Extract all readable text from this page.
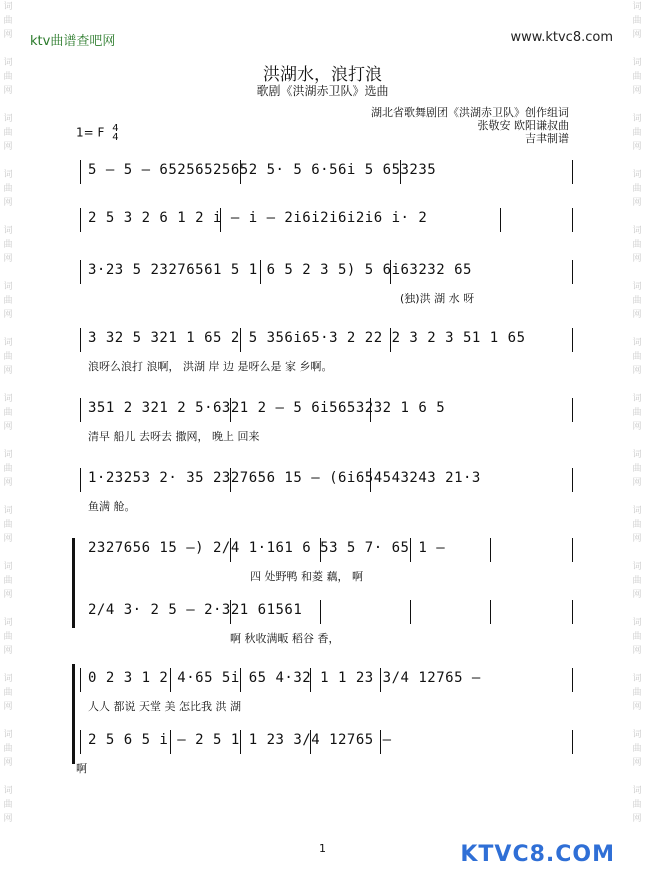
词
曲
网

词
曲
网

词
曲
网

词
曲
网

词
曲
网

词
曲
网

词
曲
网

词
曲
网

词
曲
网

词
曲
网

词
曲
网

词
曲
网

词
曲
网

词
曲
网

词
曲
网
词
曲
网

词
曲
网

词
曲
网

词
曲
网

词
曲
网

词
曲
网

词
曲
网

词
曲
网

词
曲
网

词
曲
网

词
曲
网

词
曲
网

词
曲
网

词
曲
网

词
曲
网
ktv曲谱查吧网	www.ktvc8.com
洪湖水，浪打浪
歌剧《洪湖赤卫队》选曲
湖北省歌舞剧团《洪湖赤卫队》创作组词
张敬安 欧阳谦叔曲
吉聿制谱
1= F 4
4
5 — 5 — 65256525652 5· 5 6·56i 5 653235
2 5 3 2 6 1 2 i — i — 2i6i2i6i2i6 i· 2
3·23 5 23276561 5 1 6 5 2 3 5) 5 6i63232 65
(独)洪 湖 水 呀
3 32 5 321 1 65 2 5 356i65·3 2 22 2 3 2 3 51 1 65
浪呀么浪打 浪啊， 洪湖 岸 边 是呀么是 家 乡啊。
351 2 321 2 5·6321 2 — 5 6i5653232 1 6 5
清早 船儿 去呀去 撒网， 晚上 回来
1·23253 2· 35 2327656 15 — (6i654543243 21·3
鱼满 舱。
2327656 15 —) 2/4 1·161 6 53 5 7· 65 1 —
四 处野鸭 和菱 藕， 啊
2/4 3· 2 5 — 2·321 61561
啊 秋收满畈 稻谷 香，
0 2 3 1 2 4·65 5i 65 4·32 1 1 23 3/4 12765 —
人人 都说 天堂 美 怎比我 洪 湖
2 5 6 5 i — 2 5 1 1 23 3/4 12765 —
啊
1	KTVC8.COM
